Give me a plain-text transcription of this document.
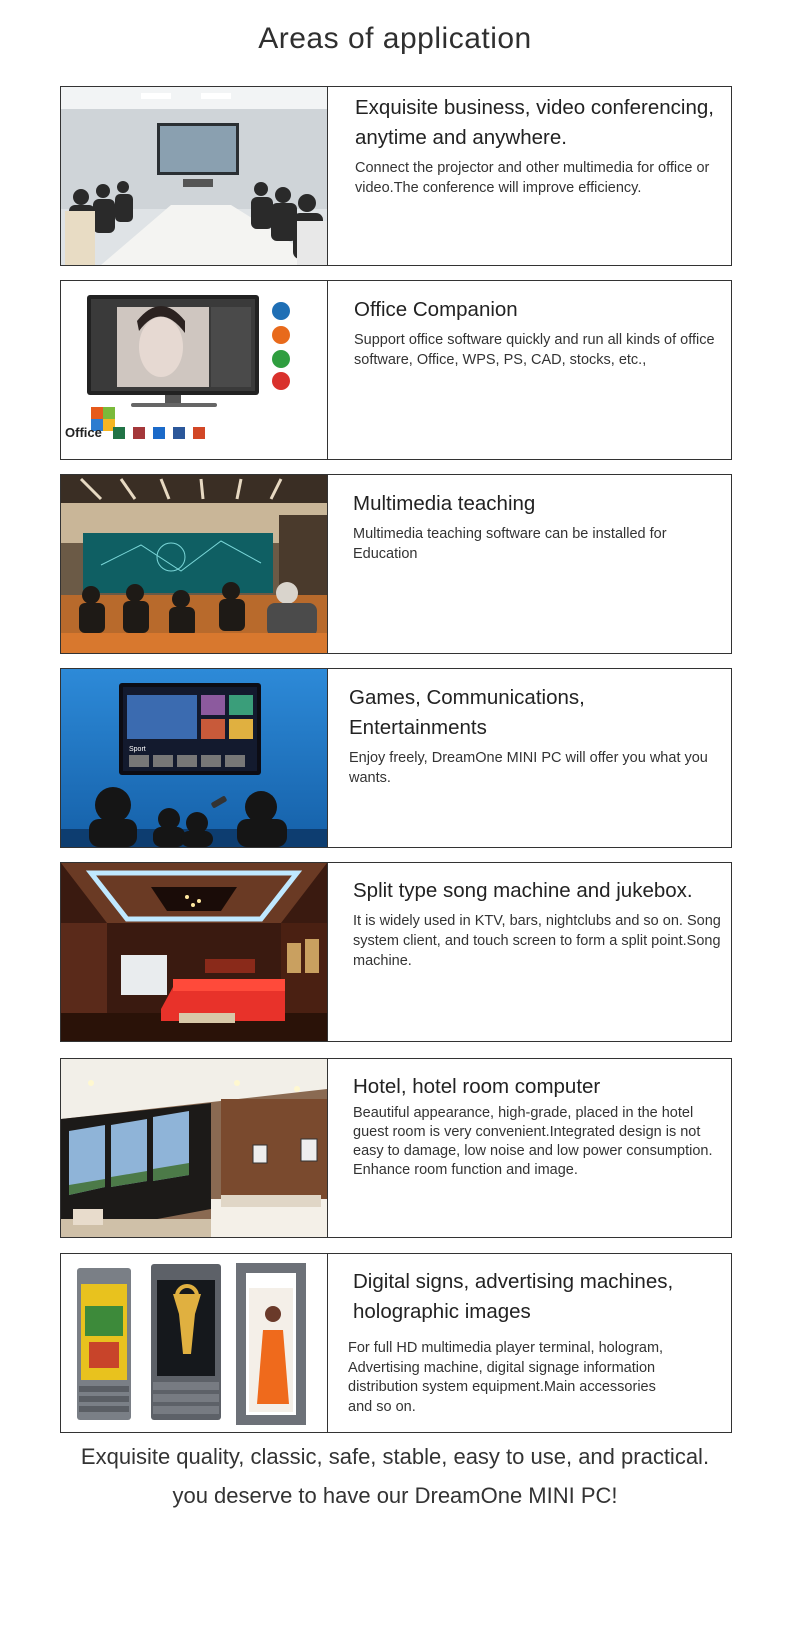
Areas of application
Exquisite business, video conferencing, anytime and anywhere.

Connect the projector and other multimedia for office or video.The conference will improve efficiency.

Office
Office Companion

Support office software quickly and run all kinds of office software, Office, WPS, PS, CAD, stocks, etc.,

Multimedia teaching

Multimedia teaching software can be installed for Education

Sport
Games, Communications, Entertainments

Enjoy freely, DreamOne MINI PC will offer you what you wants.

Split type song machine and jukebox.

It is widely used in KTV, bars, nightclubs and so on. Song system client, and touch screen to form a split point.Song machine.

Hotel, hotel room computer

Beautiful appearance, high-grade, placed in the hotel guest room is very convenient.Integrated design is not easy to damage, low noise and low power consumption. Enhance room function and image.

Digital signs, advertising machines, holographic images

For full HD multimedia player terminal, hologram, Advertising machine, digital signage information distribution system equipment.Main accessories and so on.

Exquisite quality, classic, safe, stable, easy to use, and practical.
you deserve to have our DreamOne MINI PC!
